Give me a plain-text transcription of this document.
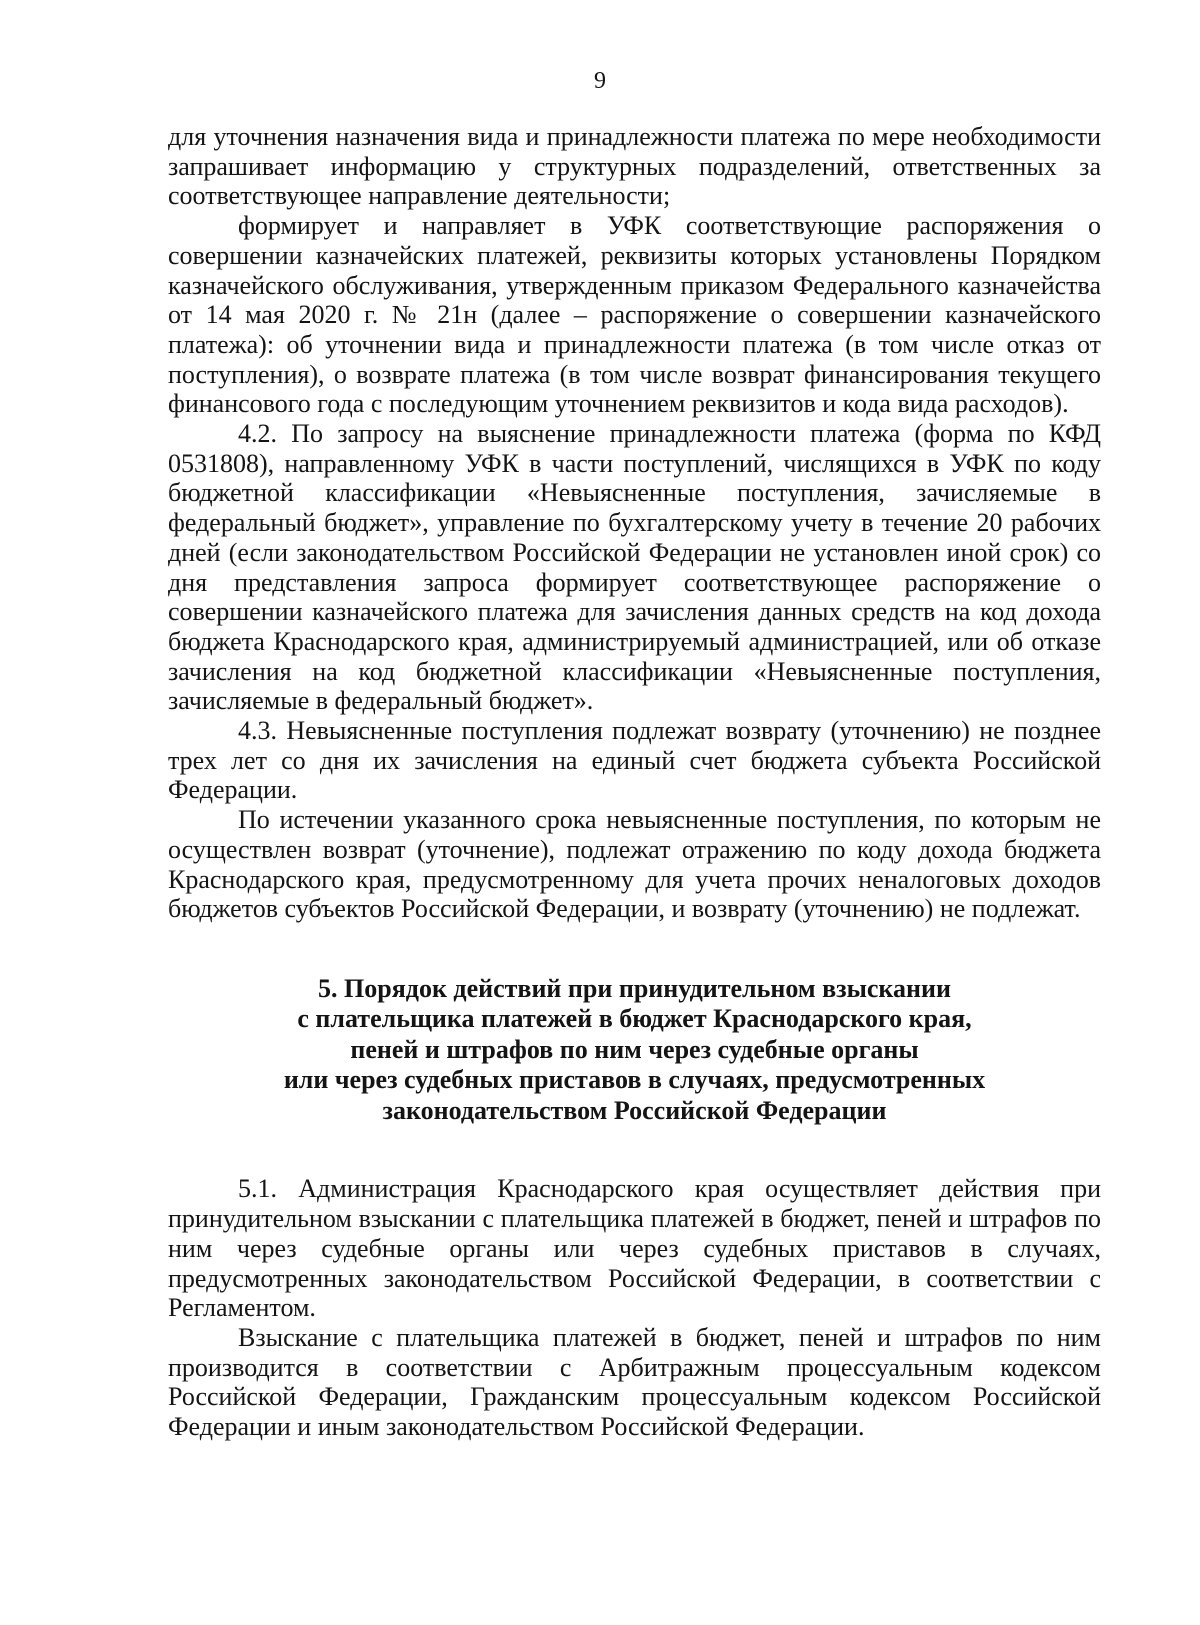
9

для уточнения назначения вида и принадлежности платежа по мере необходимости запрашивает информацию у структурных подразделений, ответственных за соответствующее направление деятельности;

формирует и направляет в УФК соответствующие распоряжения о совершении казначейских платежей, реквизиты которых установлены Порядком казначейского обслуживания, утвержденным приказом Федерального казначейства от 14 мая 2020 г. № 21н (далее – распоряжение о совершении казначейского платежа): об уточнении вида и принадлежности платежа (в том числе отказ от поступления), о возврате платежа (в том числе возврат финансирования текущего финансового года с последующим уточнением реквизитов и кода вида расходов).

4.2. По запросу на выяснение принадлежности платежа (форма по КФД 0531808), направленному УФК в части поступлений, числящихся в УФК по коду бюджетной классификации «Невыясненные поступления, зачисляемые в федеральный бюджет», управление по бухгалтерскому учету в течение 20 рабочих дней (если законодательством Российской Федерации не установлен иной срок) со дня представления запроса формирует соответствующее распоряжение о совершении казначейского платежа для зачисления данных средств на код дохода бюджета Краснодарского края, администрируемый администрацией, или об отказе зачисления на код бюджетной классификации «Невыясненные поступления, зачисляемые в федеральный бюджет».

4.3. Невыясненные поступления подлежат возврату (уточнению) не позднее трех лет со дня их зачисления на единый счет бюджета субъекта Российской Федерации.

По истечении указанного срока невыясненные поступления, по которым не осуществлен возврат (уточнение), подлежат отражению по коду дохода бюджета Краснодарского края, предусмотренному для учета прочих неналоговых доходов бюджетов субъектов Российской Федерации, и возврату (уточнению) не подлежат.

5. Порядок действий при принудительном взыскании
с плательщика платежей в бюджет Краснодарского края,
пеней и штрафов по ним через судебные органы
или через судебных приставов в случаях, предусмотренных
законодательством Российской Федерации

5.1. Администрация Краснодарского края осуществляет действия при принудительном взыскании с плательщика платежей в бюджет, пеней и штрафов по ним через судебные органы или через судебных приставов в случаях, предусмотренных законодательством Российской Федерации, в соответствии с Регламентом.

Взыскание с плательщика платежей в бюджет, пеней и штрафов по ним производится в соответствии с Арбитражным процессуальным кодексом Российской Федерации, Гражданским процессуальным кодексом Российской Федерации и иным законодательством Российской Федерации.
